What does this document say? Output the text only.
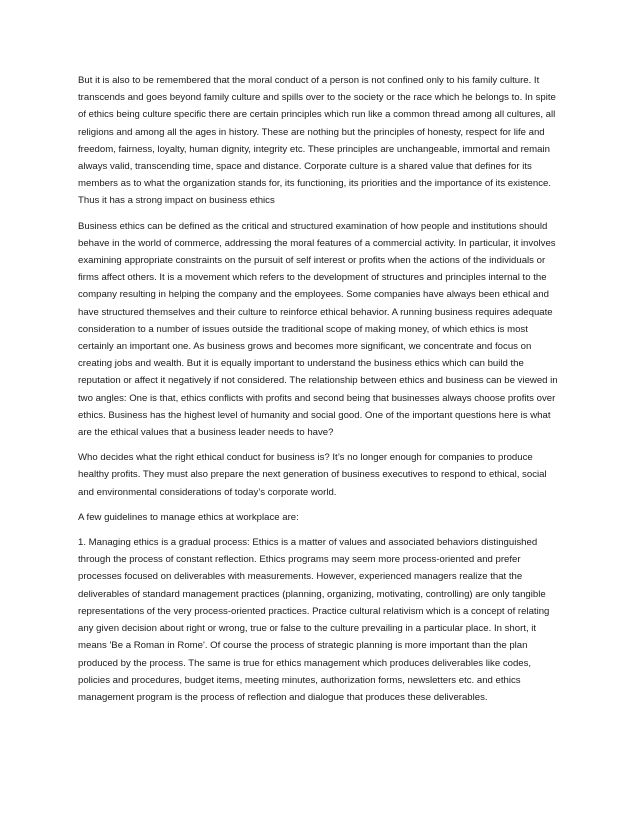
But it is also to be remembered that the moral conduct of a person is not confined only to his family culture. It transcends and goes beyond family culture and spills over to the society or the race which he belongs to. In spite of ethics being culture specific there are certain principles which run like a common thread among all cultures, all religions and among all the ages in history. These are nothing but the principles of honesty, respect for life and freedom, fairness, loyalty, human dignity, integrity etc. These principles are unchangeable, immortal and remain always valid, transcending time, space and distance. Corporate culture is a shared value that defines for its members as to what the organization stands for, its functioning, its priorities and the importance of its existence. Thus it has a strong impact on business ethics

Business ethics can be defined as the critical and structured examination of how people and institutions should behave in the world of commerce, addressing the moral features of a commercial activity. In particular, it involves examining appropriate constraints on the pursuit of self interest or profits when the actions of the individuals or firms affect others. It is a movement which refers to the development of structures and principles internal to the company resulting in helping the company and the employees. Some companies have always been ethical and have structured themselves and their culture to reinforce ethical behavior. A running business requires adequate consideration to a number of issues outside the traditional scope of making money, of which ethics is most certainly an important one. As business grows and becomes more significant, we concentrate and focus on creating jobs and wealth. But it is equally important to understand the business ethics which can build the reputation or affect it negatively if not considered. The relationship between ethics and business can be viewed in two angles: One is that, ethics conflicts with profits and second being that businesses always choose profits over ethics. Business has the highest level of humanity and social good. One of the important questions here is what are the ethical values that a business leader needs to have?

Who decides what the right ethical conduct for business is? It’s no longer enough for companies to produce healthy profits. They must also prepare the next generation of business executives to respond to ethical, social and environmental considerations of today’s corporate world.

A few guidelines to manage ethics at workplace are:

1. Managing ethics is a gradual process: Ethics is a matter of values and associated behaviors distinguished through the process of constant reflection. Ethics programs may seem more process-oriented and prefer processes focused on deliverables with measurements. However, experienced managers realize that the deliverables of standard management practices (planning, organizing, motivating, controlling) are only tangible representations of the very process-oriented practices. Practice cultural relativism which is a concept of relating any given decision about right or wrong, true or false to the culture prevailing in a particular place. In short, it means 'Be a Roman in Rome'. Of course the process of strategic planning is more important than the plan produced by the process. The same is true for ethics management which produces deliverables like codes, policies and procedures, budget items, meeting minutes, authorization forms, newsletters etc. and ethics management program is the process of reflection and dialogue that produces these deliverables.
